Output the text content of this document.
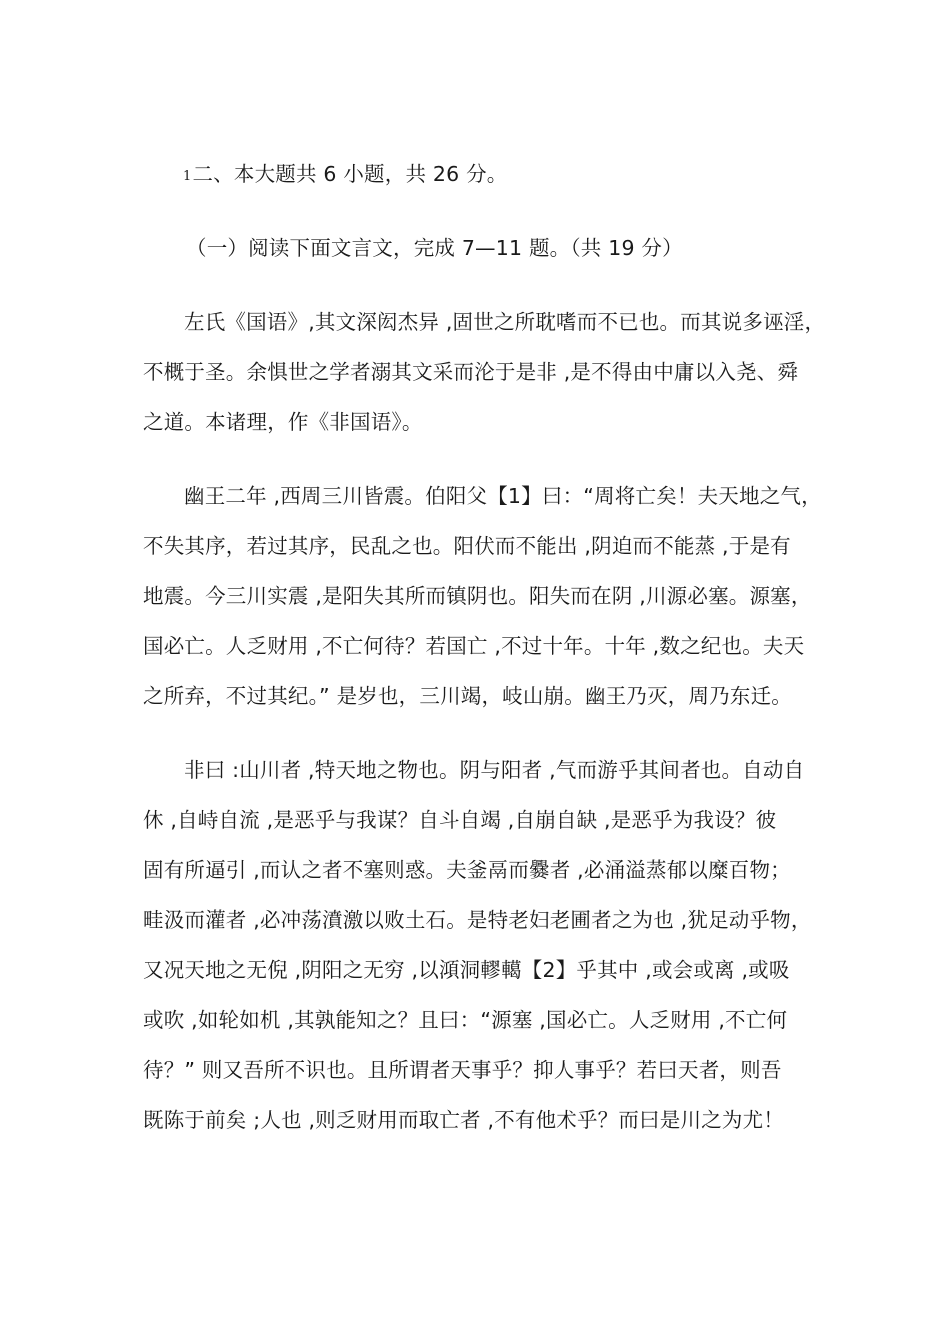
1二、本大题共 6 小题，共 26 分。
（一）阅读下面文言文，完成 7—11 题。（共 19 分）
左氏《国语》,其文深闳杰异 ,固世之所耽嗜而不已也。而其说多诬淫，
不概于圣。余惧世之学者溺其文采而沦于是非 ,是不得由中庸以入尧、舜
之道。本诸理，作《非国语》。
幽王二年 ,西周三川皆震。伯阳父【1】曰：“周将亡矣！夫天地之气，
不失其序，若过其序，民乱之也。阳伏而不能出 ,阴迫而不能蒸 ,于是有
地震。今三川实震 ,是阳失其所而镇阴也。阳失而在阴 ,川源必塞。源塞，
国必亡。人乏财用 ,不亡何待？若国亡 ,不过十年。十年 ,数之纪也。夫天
之所弃，不过其纪。” 是岁也，三川竭，岐山崩。幽王乃灭，周乃东迁。
非曰 :山川者 ,特天地之物也。阴与阳者 ,气而游乎其间者也。自动自
休 ,自峙自流 ,是恶乎与我谋？自斗自竭 ,自崩自缺 ,是恶乎为我设？彼
固有所逼引 ,而认之者不塞则惑。夫釜鬲而爨者 ,必涌溢蒸郁以糜百物；
畦汲而灌者 ,必冲荡濆激以败土石。是特老妇老圃者之为也 ,犹足动乎物，
又况天地之无倪 ,阴阳之无穷 ,以澒洞轇轕【2】乎其中 ,或会或离 ,或吸
或吹 ,如轮如机 ,其孰能知之？且曰：“源塞 ,国必亡。人乏财用 ,不亡何
待？” 则又吾所不识也。且所谓者天事乎？抑人事乎？若曰天者，则吾
既陈于前矣 ;人也 ,则乏财用而取亡者 ,不有他术乎？而曰是川之为尤！
